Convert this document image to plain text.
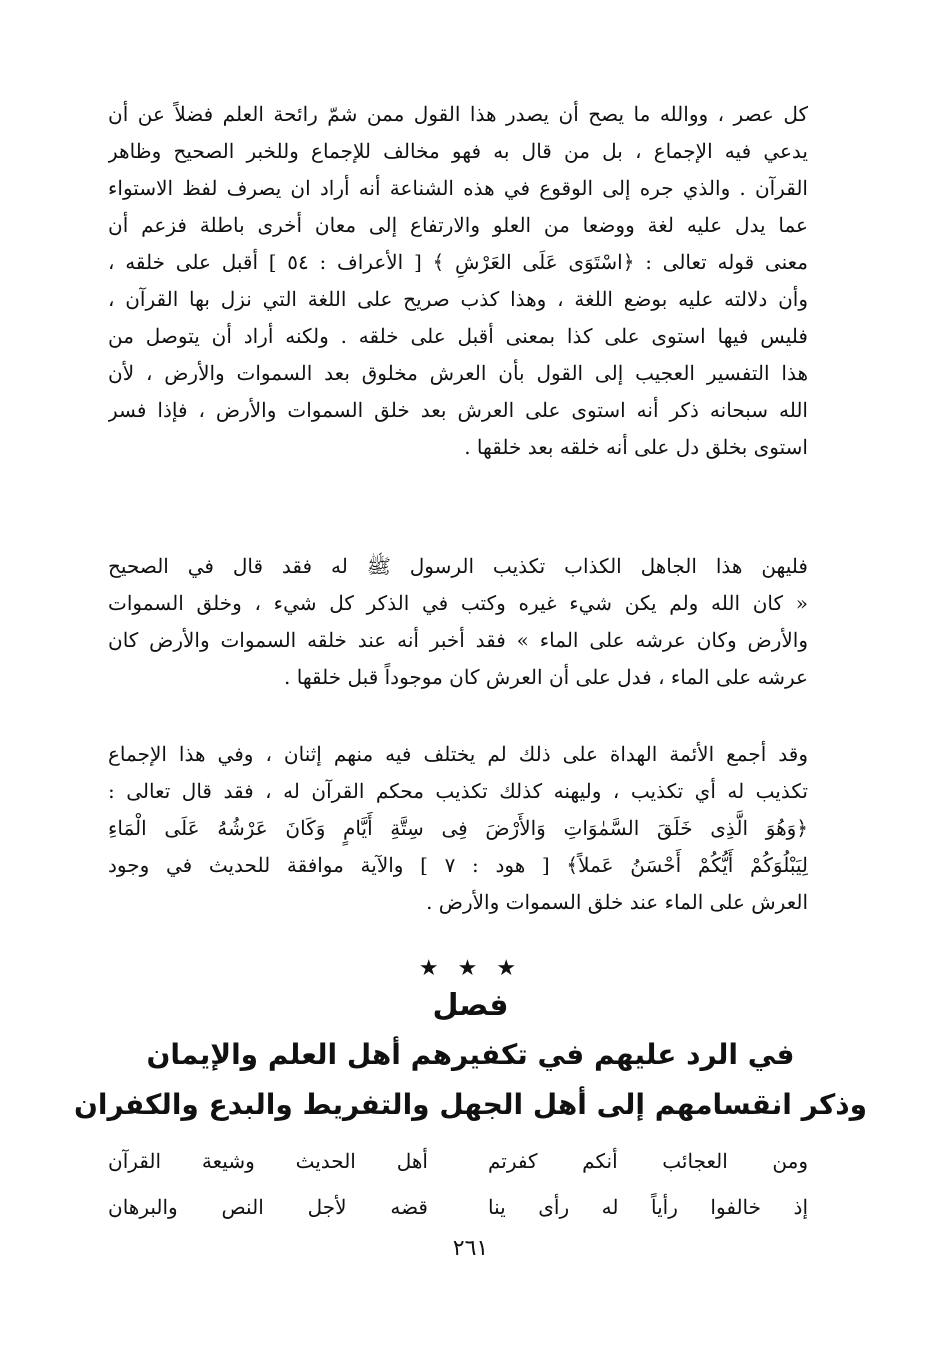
كل عصر ، ووالله ما يصح أن يصدر هذا القول ممن شمّ رائحة العلم فضلاً عن أن
يدعي فيه الإجماع ، بل من قال به فهو مخالف للإجماع وللخبر الصحيح وظاهر
القرآن . والذي جره إلى الوقوع في هذه الشناعة أنه أراد ان يصرف لفظ الاستواء
عما يدل عليه لغة ووضعا من العلو والارتفاع إلى معان أخرى باطلة فزعم أن
معنى قوله تعالى : ﴿اسْتَوَى عَلَى العَرْشِ ﴾ [ الأعراف : ٥٤ ] أقبل على خلقه ،
وأن دلالته عليه بوضع اللغة ، وهذا كذب صريح على اللغة التي نزل بها القرآن ،
فليس فيها استوى على كذا بمعنى أقبل على خلقه . ولكنه أراد أن يتوصل من
هذا التفسير العجيب إلى القول بأن العرش مخلوق بعد السموات والأرض ، لأن
الله سبحانه ذكر أنه استوى على العرش بعد خلق السموات والأرض ، فإذا فسر
استوى بخلق دل على أنه خلقه بعد خلقها .
فليهن هذا الجاهل الكذاب تكذيب الرسول ﷺ له فقد قال في الصحيح
« كان الله ولم يكن شيء غيره وكتب في الذكر كل شيء ، وخلق السموات
والأرض وكان عرشه على الماء » فقد أخبر أنه عند خلقه السموات والأرض كان
عرشه على الماء ، فدل على أن العرش كان موجوداً قبل خلقها .
وقد أجمع الأئمة الهداة على ذلك لم يختلف فيه منهم إثنان ، وفي هذا الإجماع
تكذيب له أي تكذيب ، وليهنه كذلك تكذيب محكم القرآن له ، فقد قال تعالى :
﴿وَهُوَ الَّذِى خَلَقَ السَّمٰوَاتِ وَالأَرْضَ فِى سِتَّةِ أَيَّامٍ وَكَانَ عَرْشُهُ عَلَى الْمَاءِ
لِيَبْلُوَكُمْ أَيُّكُمْ أَحْسَنُ عَملاً﴾ [ هود : ٧ ] والآية موافقة للحديث في وجود
العرش على الماء عند خلق السموات والأرض .
★ ★ ★
فصل
في الرد عليهم في تكفيرهم أهل العلم والإيمان
وذكر انقسامهم إلى أهل الجهل والتفريط والبدع والكفران
ومن العجائب أنكم كفرتم
أهل الحديث وشيعة القرآن
إذ خالفوا رأياً له رأى ينا
قضه لأجل النص والبرهان
٢٦١
